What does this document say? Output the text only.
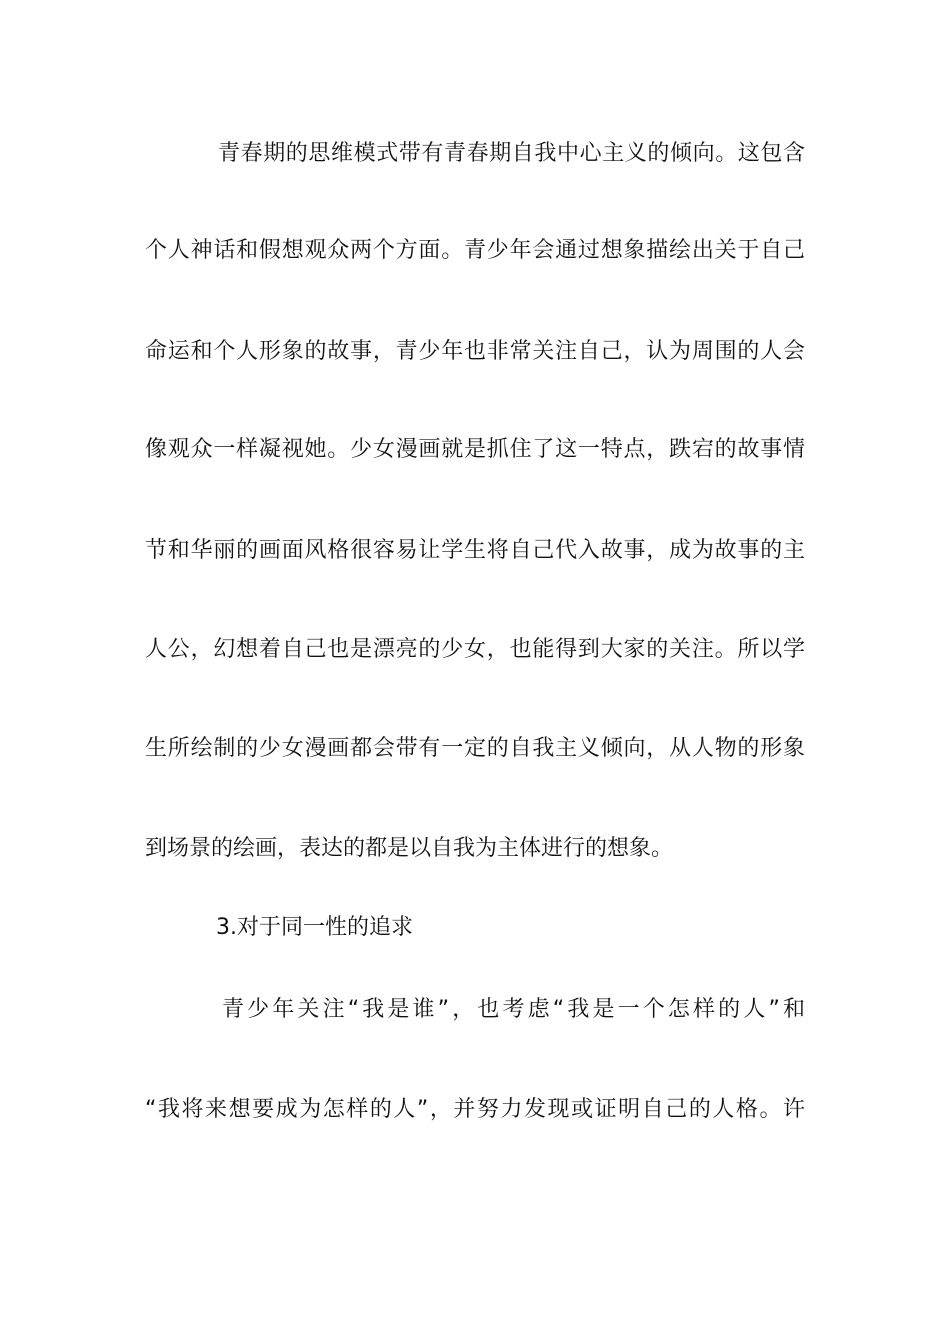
青春期的思维模式带有青春期自我中心主义的倾向。这包含
个人神话和假想观众两个方面。青少年会通过想象描绘出关于自己
命运和个人形象的故事，青少年也非常关注自己，认为周围的人会
像观众一样凝视她。少女漫画就是抓住了这一特点，跌宕的故事情
节和华丽的画面风格很容易让学生将自己代入故事，成为故事的主
人公，幻想着自己也是漂亮的少女，也能得到大家的关注。所以学
生所绘制的少女漫画都会带有一定的自我主义倾向，从人物的形象
到场景的绘画，表达的都是以自我为主体进行的想象。
3.对于同一性的追求
青少年关注“我是谁”，也考虑“我是一个怎样的人”和
“我将来想要成为怎样的人”，并努力发现或证明自己的人格。许
